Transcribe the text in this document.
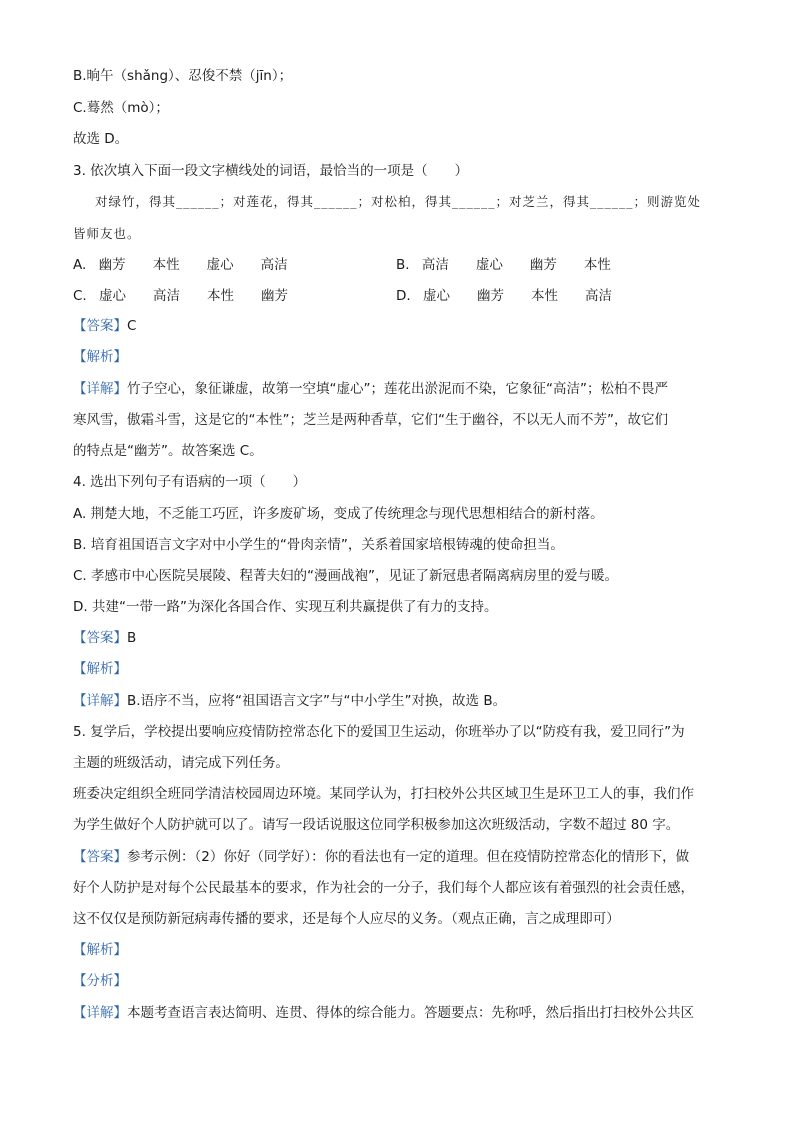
B.晌午（shǎng）、忍俊不禁（jīn）；
C.蓦然（mò）；
故选 D。
3. 依次填入下面一段文字横线处的词语，最恰当的一项是（　　）
对绿竹，得其______；对莲花，得其______；对松柏，得其______；对芝兰，得其______；则游览处
皆师友也。
A. 幽芳 本性 虚心 高洁	B. 高洁 虚心 幽芳 本性
C. 虚心 高洁 本性 幽芳	D. 虚心 幽芳 本性 高洁
【答案】C
【解析】
【详解】竹子空心，象征谦虚，故第一空填“虚心”；莲花出淤泥而不染，它象征“高洁”；松柏不畏严
寒风雪，傲霜斗雪，这是它的“本性”；芝兰是两种香草，它们“生于幽谷，不以无人而不芳”，故它们
的特点是“幽芳”。故答案选 C。
4. 选出下列句子有语病的一项（　　）
A. 荆楚大地，不乏能工巧匠，许多废矿场，变成了传统理念与现代思想相结合的新村落。
B. 培育祖国语言文字对中小学生的“骨肉亲情”，关系着国家培根铸魂的使命担当。
C. 孝感市中心医院吴展陵、程菁夫妇的“漫画战袍”，见证了新冠患者隔离病房里的爱与暖。
D. 共建“一带一路”为深化各国合作、实现互利共赢提供了有力的支持。
【答案】B
【解析】
【详解】B.语序不当，应将“祖国语言文字”与“中小学生”对换，故选 B。
5. 复学后，学校提出要响应疫情防控常态化下的爱国卫生运动，你班举办了以“防疫有我，爱卫同行”为
主题的班级活动，请完成下列任务。
班委决定组织全班同学清洁校园周边环境。某同学认为，打扫校外公共区域卫生是环卫工人的事，我们作
为学生做好个人防护就可以了。请写一段话说服这位同学积极参加这次班级活动，字数不超过 80 字。
【答案】参考示例：（2）你好（同学好）：你的看法也有一定的道理。但在疫情防控常态化的情形下，做
好个人防护是对每个公民最基本的要求，作为社会的一分子，我们每个人都应该有着强烈的社会责任感，
这不仅仅是预防新冠病毒传播的要求，还是每个人应尽的义务。（观点正确，言之成理即可）
【解析】
【分析】
【详解】本题考查语言表达简明、连贯、得体的综合能力。答题要点：先称呼，然后指出打扫校外公共区
